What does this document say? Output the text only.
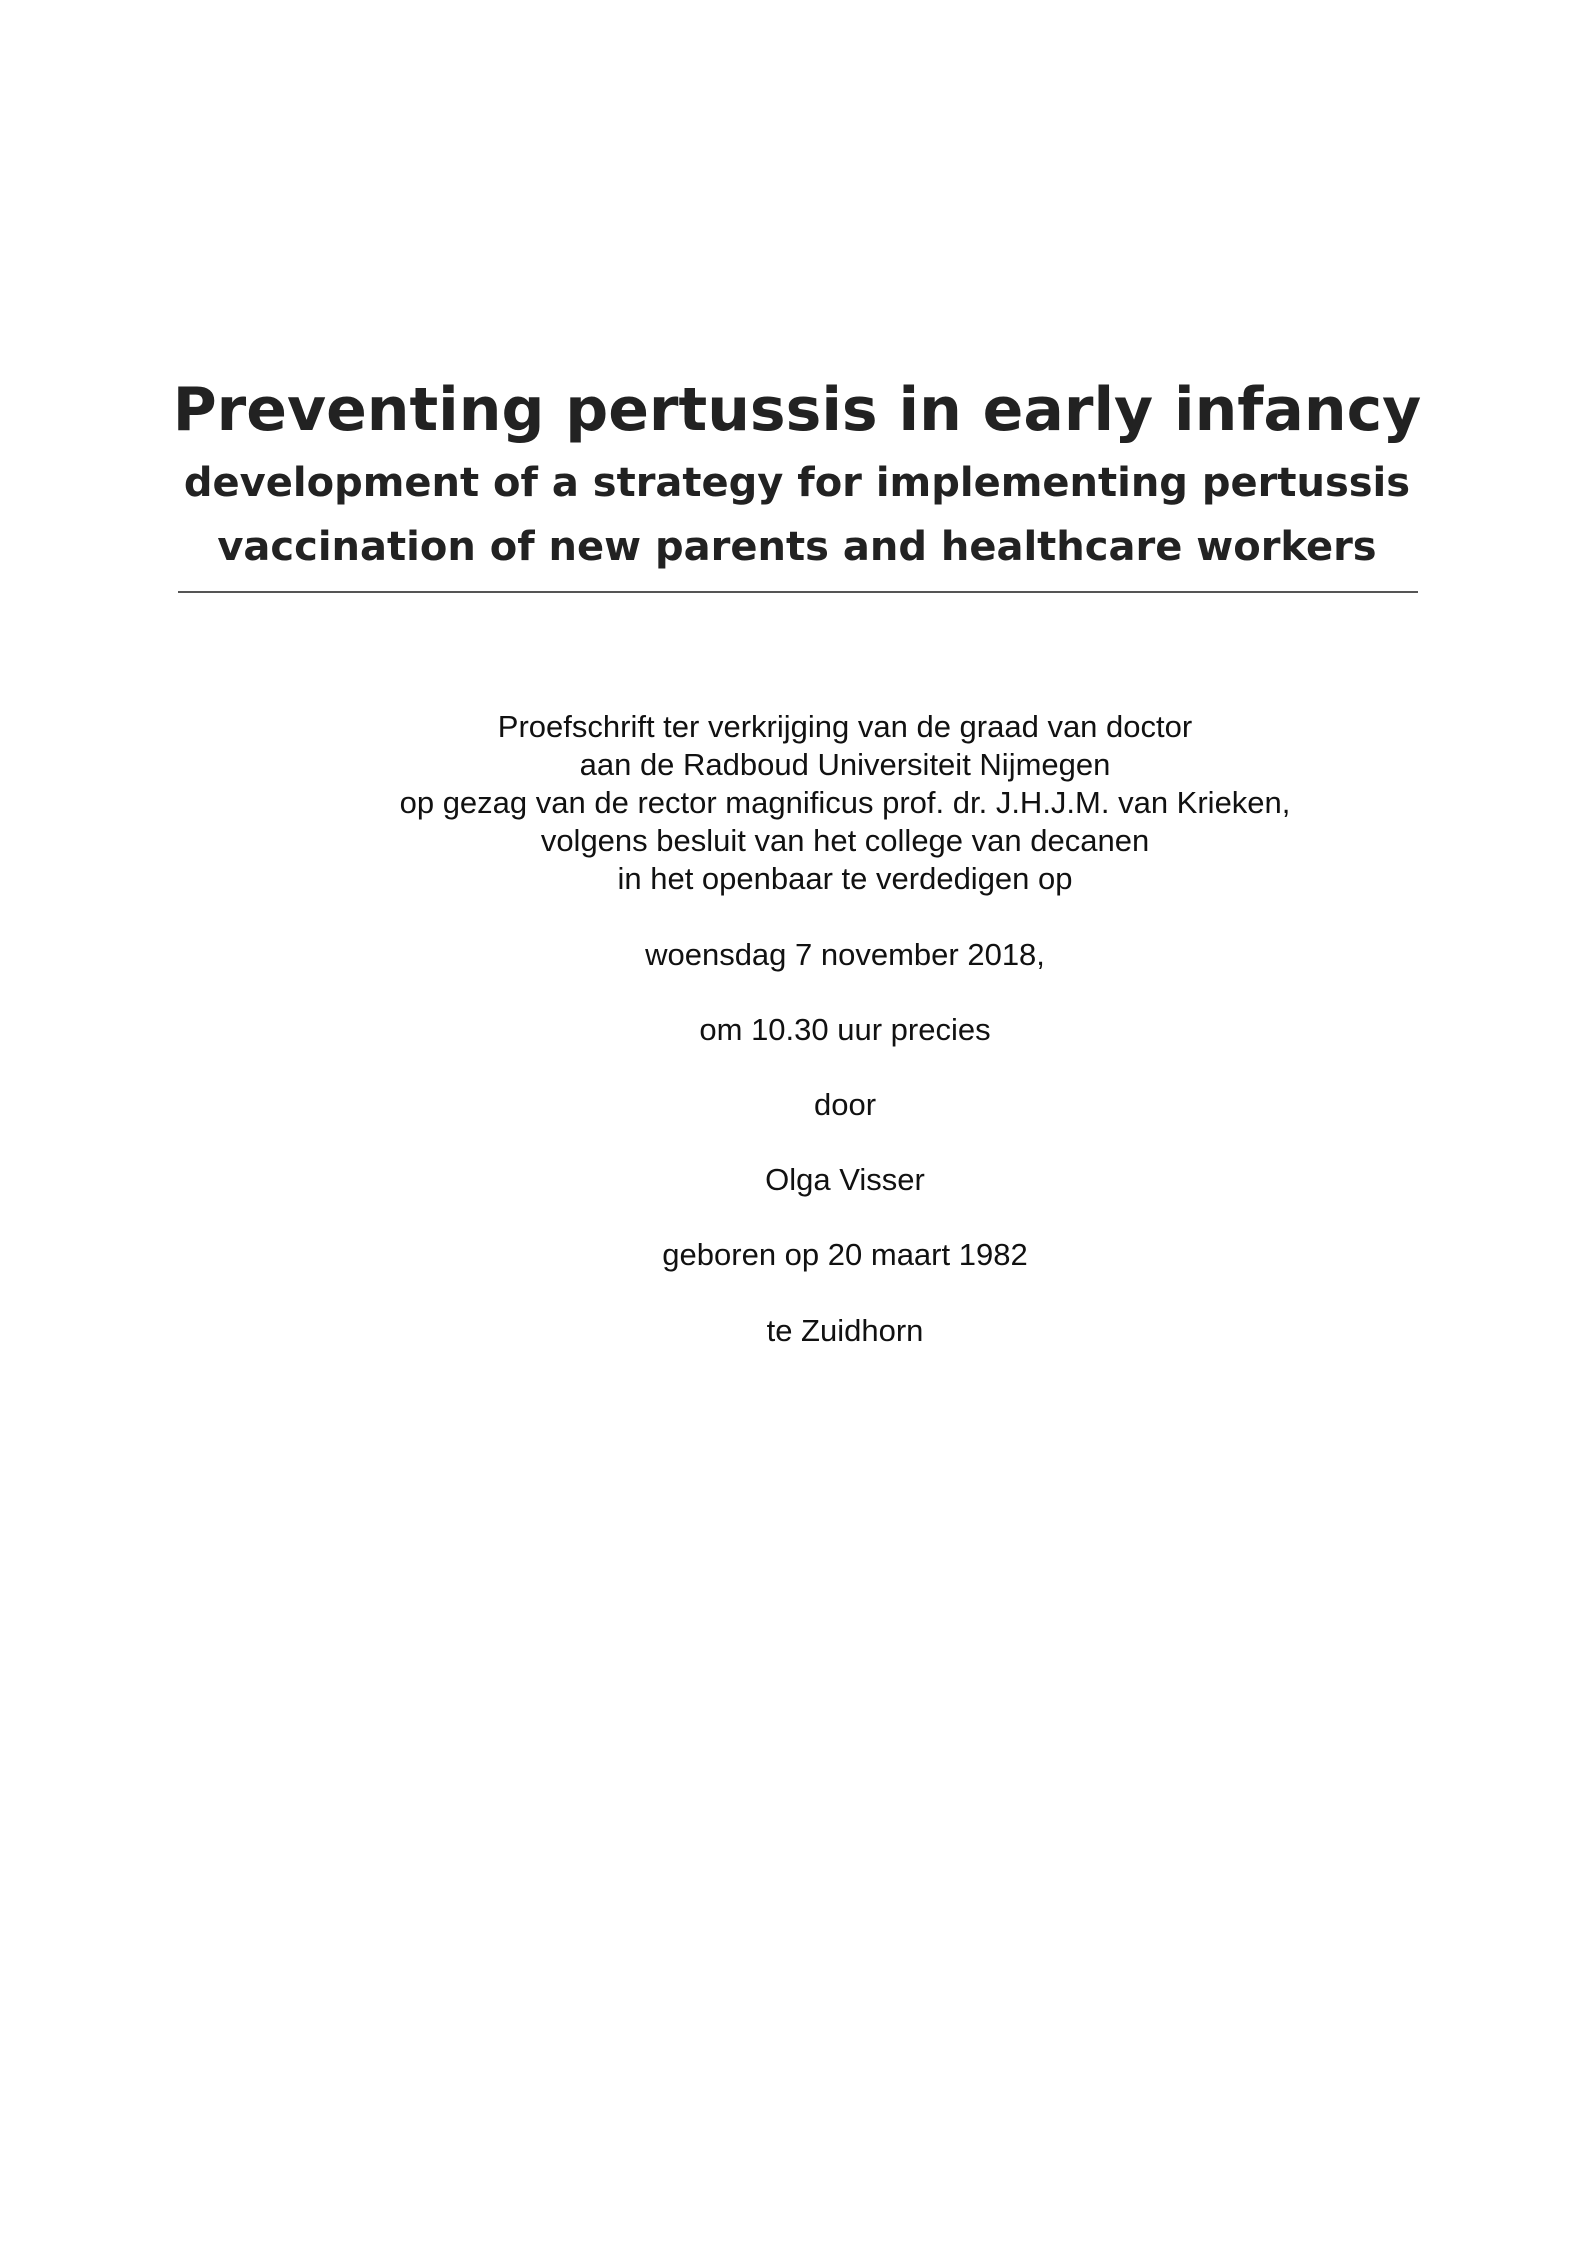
Preventing pertussis in early infancy
development of a strategy for implementing pertussis
vaccination of new parents and healthcare workers
Proefschrift ter verkrijging van de graad van doctor
aan de Radboud Universiteit Nijmegen
op gezag van de rector magnificus prof. dr. J.H.J.M. van Krieken,
volgens besluit van het college van decanen
in het openbaar te verdedigen op
woensdag 7 november 2018,
om 10.30 uur precies
door
Olga Visser
geboren op 20 maart 1982
te Zuidhorn
